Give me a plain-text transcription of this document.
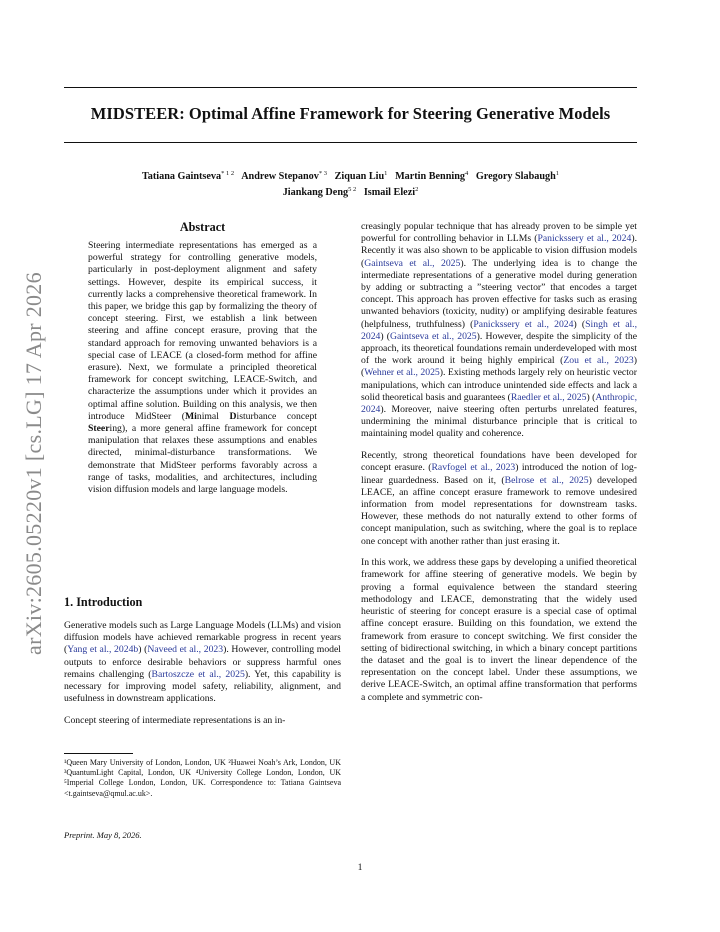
MIDSTEER: Optimal Affine Framework for Steering Generative Models
Tatiana Gaintseva$^{* 1 2}$ Andrew Stepanov$^{* 3}$ Ziquan Liu$^1$ Martin Benning$^4$ Gregory Slabaugh$^1$
Jiankang Deng$^{5 2}$ Ismail Elezi$^2$
arXiv:2605.05220v1 [cs.LG] 17 Apr 2026
Abstract
Steering intermediate representations has emerged as a powerful strategy for controlling generative models, particularly in post-deployment alignment and safety settings. However, despite its empirical success, it currently lacks a comprehensive theoretical framework. In this paper, we bridge this gap by formalizing the theory of concept steering. First, we establish a link between steering and affine concept erasure, proving that the standard approach for removing unwanted behaviors is a special case of LEACE (a closed-form method for affine erasure). Next, we formulate a principled theoretical framework for concept switching, LEACE-Switch, and characterize the assumptions under which it provides an optimal affine solution. Building on this analysis, we then introduce MidSteer (Minimal Disturbance concept Steering), a more general affine framework for concept manipulation that relaxes these assumptions and enables directed, minimal-disturbance transformations. We demonstrate that MidSteer performs favorably across a range of tasks, modalities, and architectures, including vision diffusion models and large language models.
1. Introduction

Generative models such as Large Language Models (LLMs) and vision diffusion models have achieved remarkable progress in recent years (Yang et al., 2024b) (Naveed et al., 2023). However, controlling model outputs to enforce desirable behaviors or suppress harmful ones remains challenging (Bartoszcze et al., 2025). Yet, this capability is necessary for improving model safety, reliability, alignment, and usefulness in downstream applications.

Concept steering of intermediate representations is an in-

¹Queen Mary University of London, London, UK ²Huawei Noah’s Ark, London, UK ³QuantumLight Capital, London, UK ⁴University College London, London, UK ⁵Imperial College London, London, UK. Correspondence to: Tatiana Gaintseva <t.gaintseva@qmul.ac.uk>.
Preprint. May 8, 2026.

creasingly popular technique that has already proven to be simple yet powerful for controlling behavior in LLMs (Panickssery et al., 2024). Recently it was also shown to be applicable to vision diffusion models (Gaintseva et al., 2025). The underlying idea is to change the intermediate representations of a generative model during generation by adding or subtracting a ”steering vector” that encodes a target concept. This approach has proven effective for tasks such as erasing unwanted behaviors (toxicity, nudity) or amplifying desirable features (helpfulness, truthfulness) (Panickssery et al., 2024) (Singh et al., 2024) (Gaintseva et al., 2025). However, despite the simplicity of the approach, its theoretical foundations remain underdeveloped with most of the work around it being highly empirical (Zou et al., 2023) (Wehner et al., 2025). Existing methods largely rely on heuristic vector manipulations, which can introduce unintended side effects and lack a solid theoretical basis and guarantees (Raedler et al., 2025) (Anthropic, 2024). Moreover, naive steering often perturbs unrelated features, undermining the minimal disturbance principle that is critical to maintaining model quality and coherence.

Recently, strong theoretical foundations have been developed for concept erasure. (Ravfogel et al., 2023) introduced the notion of log-linear guardedness. Based on it, (Belrose et al., 2025) developed LEACE, an affine concept erasure framework to remove undesired information from model representations for downstream tasks. However, these methods do not naturally extend to other forms of concept manipulation, such as switching, where the goal is to replace one concept with another rather than just erasing it.

In this work, we address these gaps by developing a unified theoretical framework for affine steering of generative models. We begin by proving a formal equivalence between the standard steering methodology and LEACE, demonstrating that the widely used heuristic of steering for concept erasure is a special case of optimal affine concept erasure. Building on this foundation, we extend the framework from erasure to concept switching. We first consider the setting of bidirectional switching, in which a binary concept partitions the dataset and the goal is to invert the linear dependence of the representation on the concept label. Under these assumptions, we derive LEACE-Switch, an optimal affine transformation that performs a complete and symmetric con-

1
